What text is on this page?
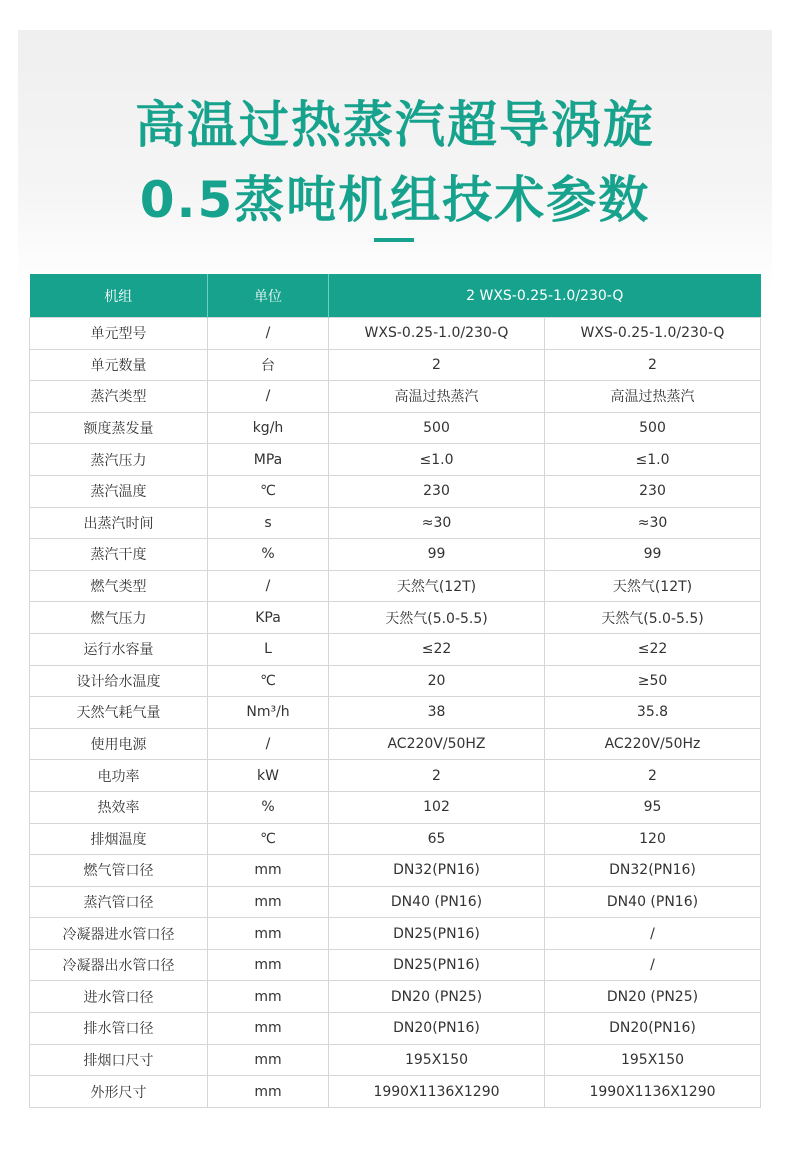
高温过热蒸汽超导涡旋
0.5蒸吨机组技术参数
机组	单位	2 WXS-0.25-1.0/230-Q	
单元型号	/	WXS-0.25-1.0/230-Q	WXS-0.25-1.0/230-Q
单元数量	台	2	2
蒸汽类型	/	高温过热蒸汽	高温过热蒸汽
额度蒸发量	kg/h	500	500
蒸汽压力	MPa	≤1.0	≤1.0
蒸汽温度	℃	230	230
出蒸汽时间	s	≈30	≈30
蒸汽干度	%	99	99
燃气类型	/	天然气(12T)	天然气(12T)
燃气压力	KPa	天然气(5.0-5.5)	天然气(5.0-5.5)
运行水容量	L	≤22	≤22
设计给水温度	℃	20	≥50
天然气耗气量	Nm³/h	38	35.8
使用电源	/	AC220V/50HZ	AC220V/50Hz
电功率	kW	2	2
热效率	%	102	95
排烟温度	℃	65	120
燃气管口径	mm	DN32(PN16)	DN32(PN16)
蒸汽管口径	mm	DN40 (PN16)	DN40 (PN16)
冷凝器进水管口径	mm	DN25(PN16)	/
冷凝器出水管口径	mm	DN25(PN16)	/
进水管口径	mm	DN20 (PN25)	DN20 (PN25)
排水管口径	mm	DN20(PN16)	DN20(PN16)
排烟口尺寸	mm	195X150	195X150
外形尺寸	mm	1990X1136X1290	1990X1136X1290
